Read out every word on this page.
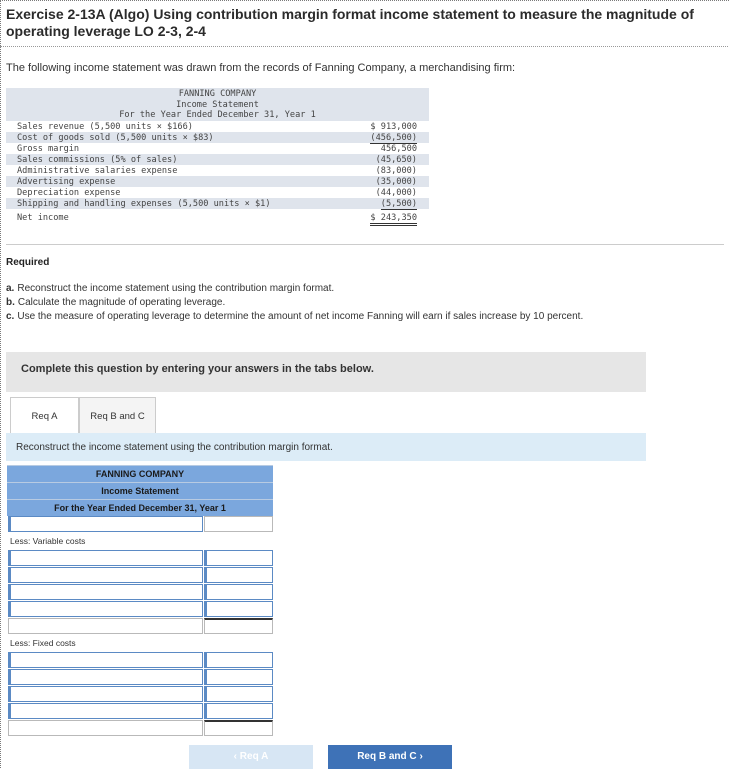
Exercise 2-13A (Algo) Using contribution margin format income statement to measure the magnitude of operating leverage LO 2-3, 2-4
The following income statement was drawn from the records of Fanning Company, a merchandising firm:
FANNING COMPANY
Income Statement
For the Year Ended December 31, Year 1
Sales revenue (5,500 units × $166)	$ 913,000
Cost of goods sold (5,500 units × $83)	(456,500)
Gross margin	456,500
Sales commissions (5% of sales)	(45,650)
Administrative salaries expense	(83,000)
Advertising expense	(35,000)
Depreciation expense	(44,000)
Shipping and handling expenses (5,500 units × $1)	(5,500)
Net income	$ 243,350
Required
a. Reconstruct the income statement using the contribution margin format.
b. Calculate the magnitude of operating leverage.
c. Use the measure of operating leverage to determine the amount of net income Fanning will earn if sales increase by 10 percent.
Complete this question by entering your answers in the tabs below.
Req A	Req B and C
Reconstruct the income statement using the contribution margin format.
FANNING COMPANY
Income Statement
For the Year Ended December 31, Year 1
Less: Variable costs
Less: Fixed costs
‹ Req A	Req B and C ›
